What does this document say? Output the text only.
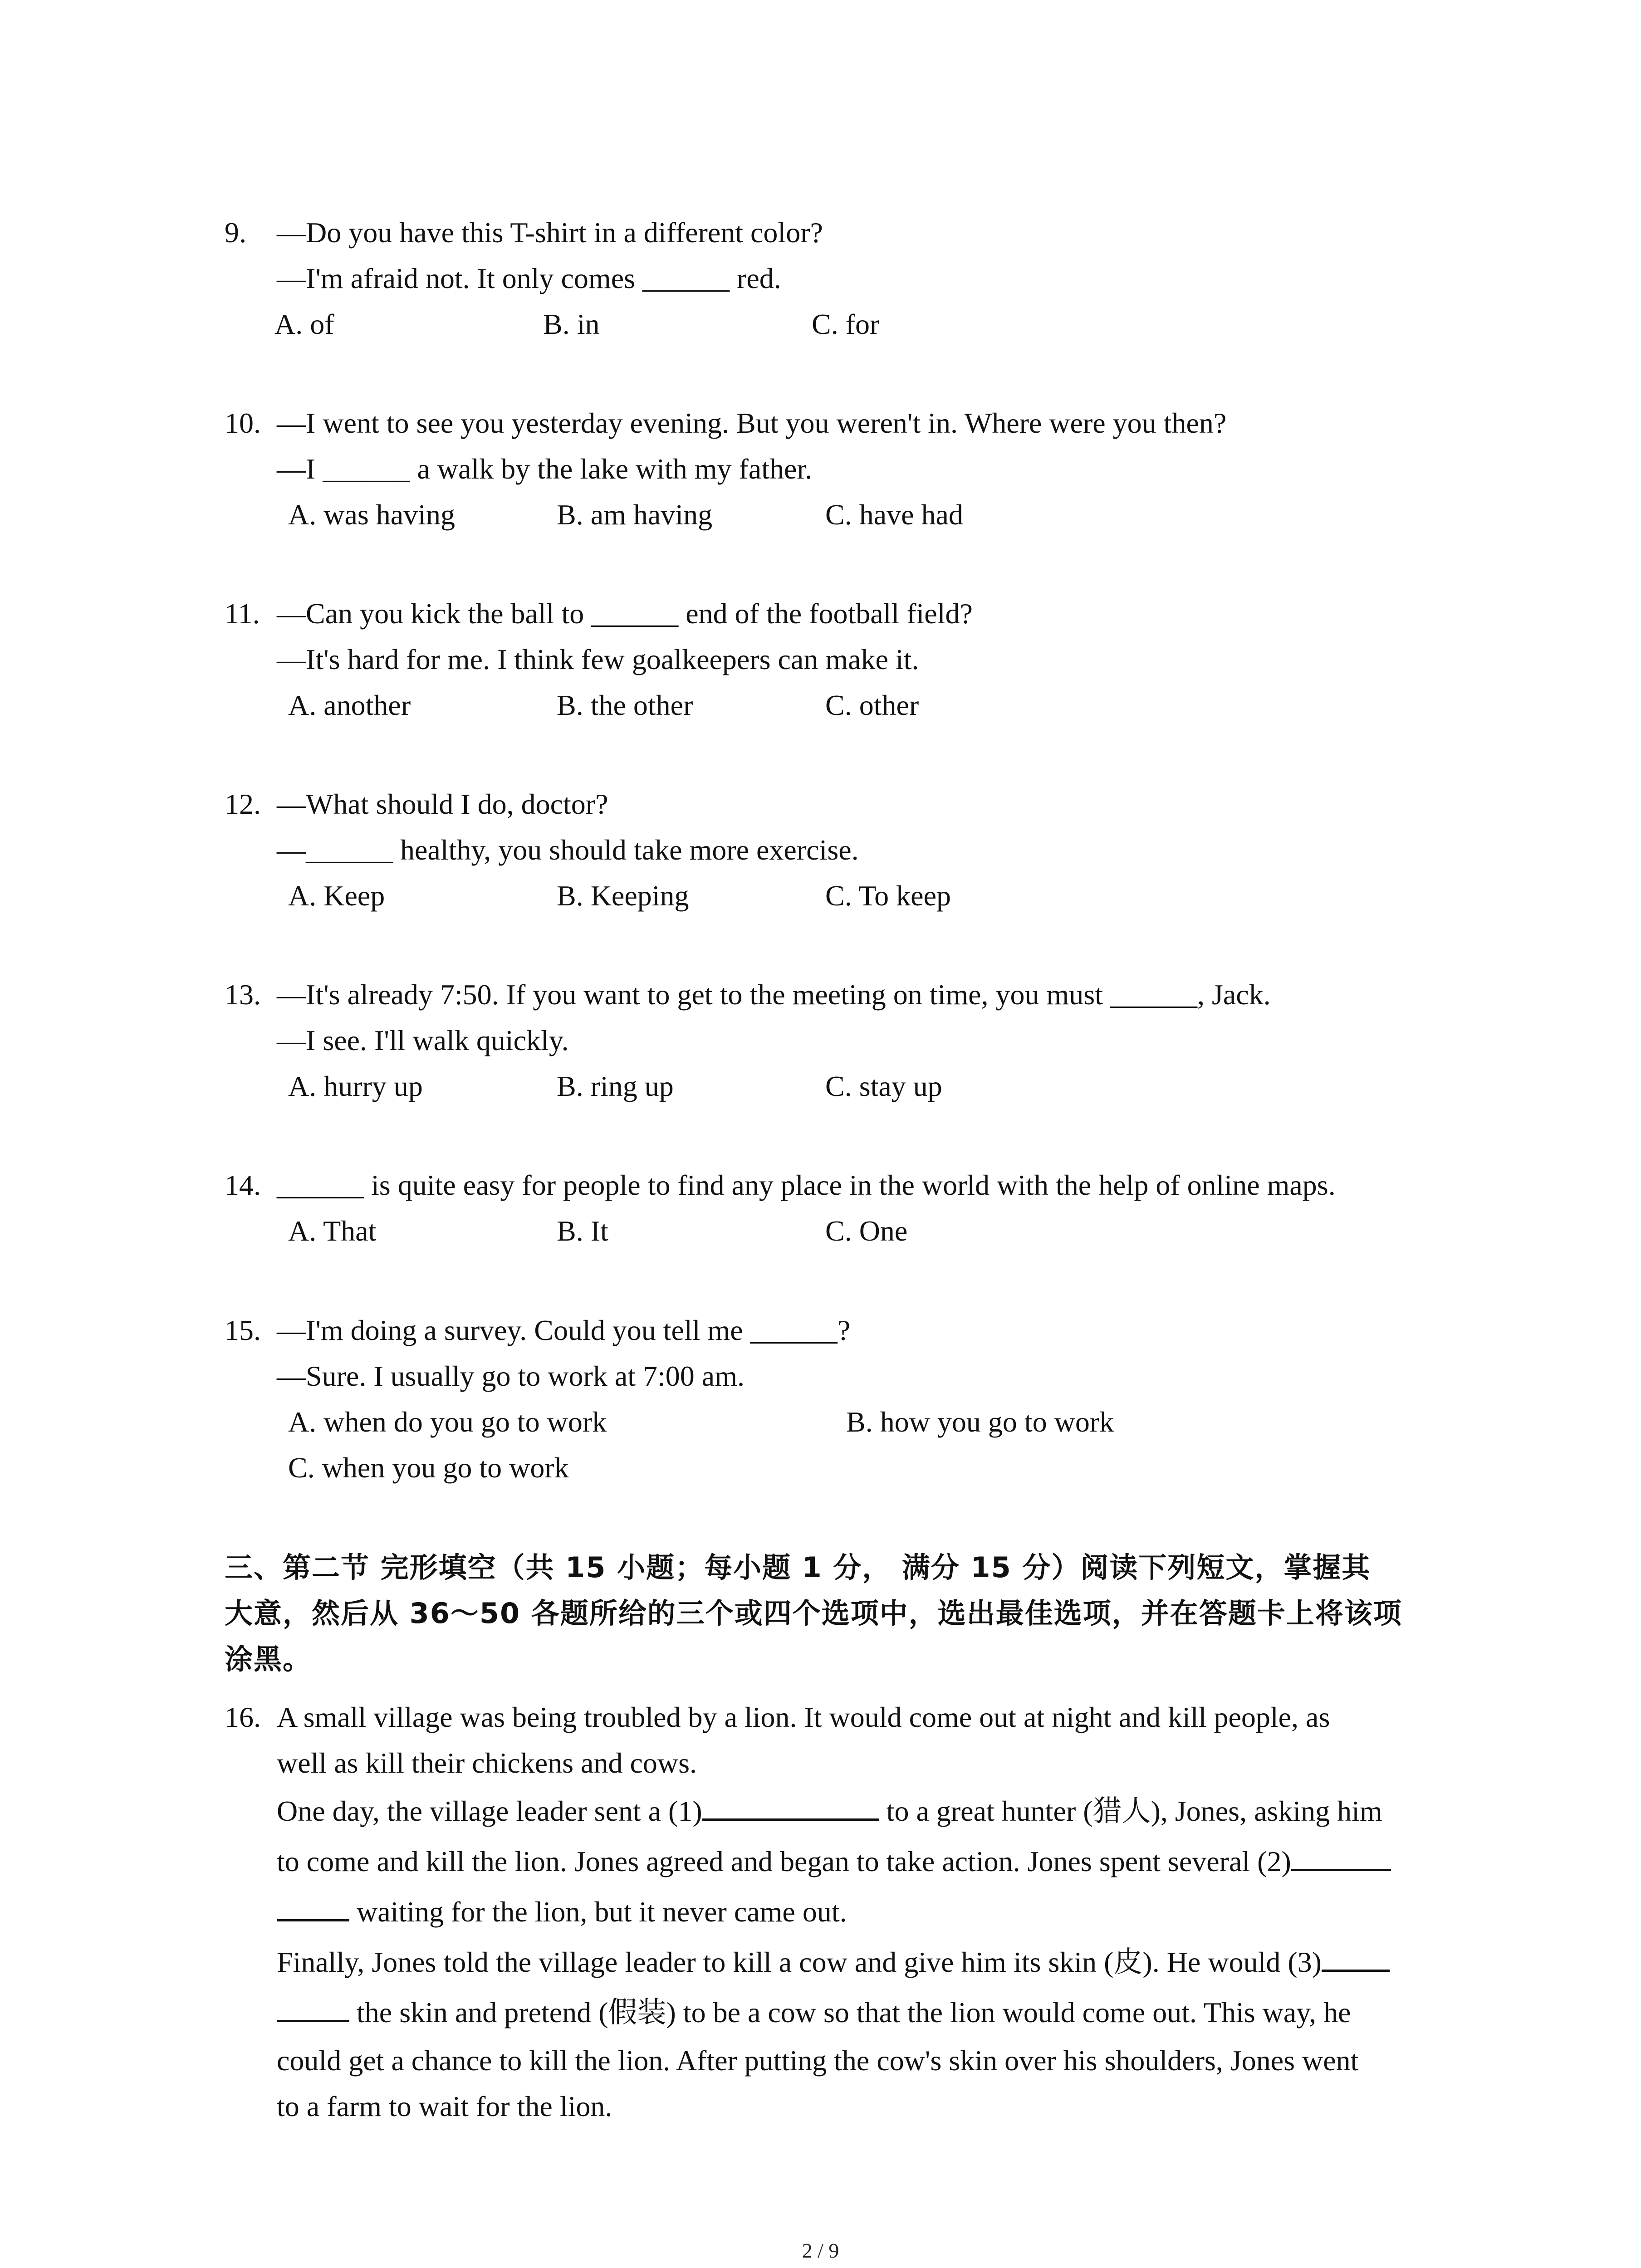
9. —Do you have this T-shirt in a different color?
—I'm afraid not. It only comes ______ red.
A. of	B. in	C. for
10. —I went to see you yesterday evening. But you weren't in. Where were you then?
—I ______ a walk by the lake with my father.
A. was having	B. am having	C. have had
11. —Can you kick the ball to ______ end of the football field?
—It's hard for me. I think few goalkeepers can make it.
A. another	B. the other	C. other
12. —What should I do, doctor?
—______ healthy, you should take more exercise.
A. Keep	B. Keeping	C. To keep
13. —It's already 7:50. If you want to get to the meeting on time, you must ______, Jack.
—I see. I'll walk quickly.
A. hurry up	B. ring up	C. stay up
14. ______ is quite easy for people to find any place in the world with the help of online maps.
A. That	B. It	C. One
15. —I'm doing a survey. Could you tell me ______?
—Sure. I usually go to work at 7:00 am.
A. when do you go to work	B. how you go to work
C. when you go to work
三、第二节 完形填空（共 15 小题；每小题 1 分， 满分 15 分）阅读下列短文，掌握其
大意，然后从 36～50 各题所给的三个或四个选项中，选出最佳选项，并在答题卡上将该项
涂黑。
16. A small village was being troubled by a lion. It would come out at night and kill people, as
well as kill their chickens and cows.
One day, the village leader sent a (1)	to a great hunter (猎人), Jones, asking him
to come and kill the lion. Jones agreed and began to take action. Jones spent several (2)
waiting for the lion, but it never came out.
Finally, Jones told the village leader to kill a cow and give him its skin (皮). He would (3)
the skin and pretend (假装) to be a cow so that the lion would come out. This way, he
could get a chance to kill the lion. After putting the cow's skin over his shoulders, Jones went
to a farm to wait for the lion.
2 / 9
